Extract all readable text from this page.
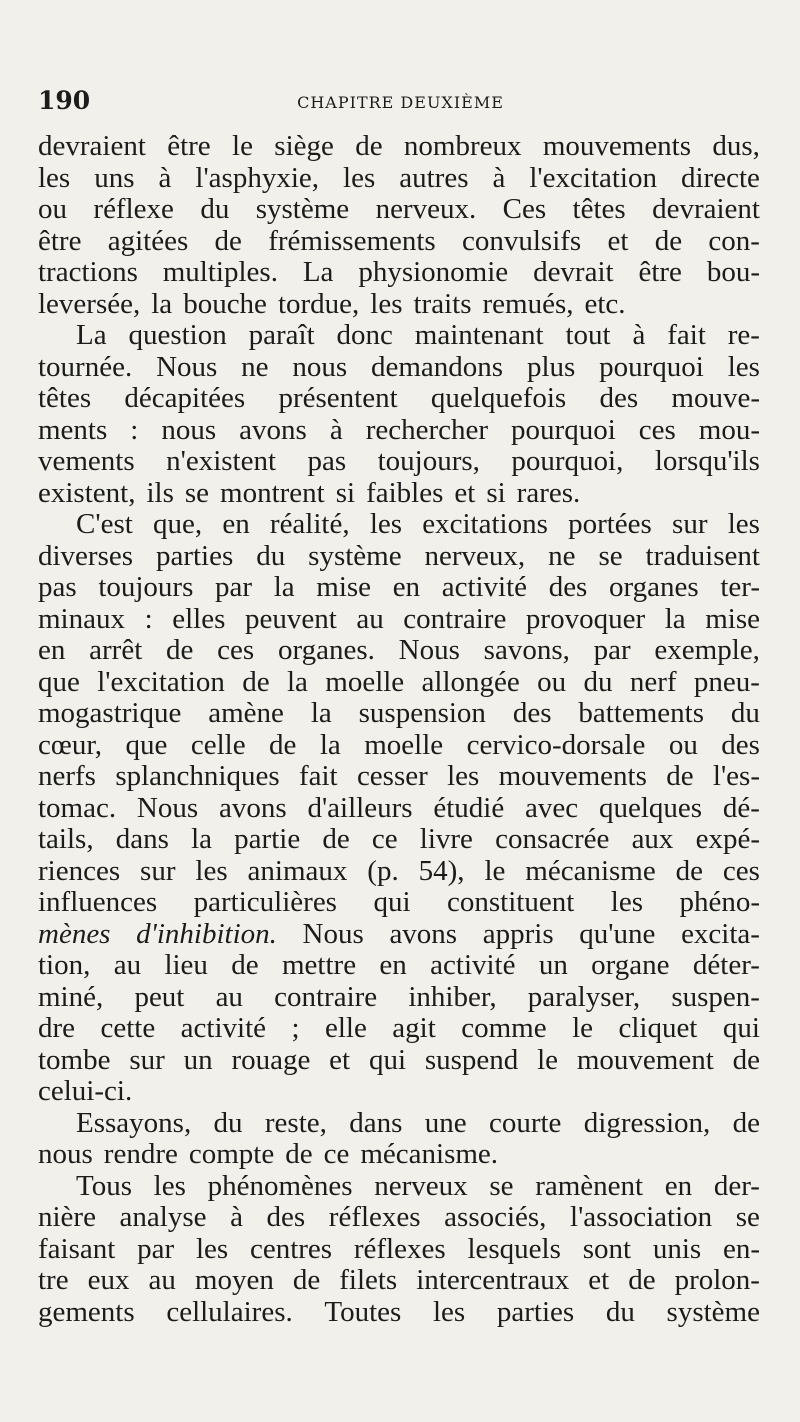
190	CHAPITRE DEUXIÈME
devraient être le siège de nombreux mouvements dus,
les uns à l'asphyxie, les autres à l'excitation directe
ou réflexe du système nerveux. Ces têtes devraient
être agitées de frémissements convulsifs et de con-
tractions multiples. La physionomie devrait être bou-
leversée, la bouche tordue, les traits remués, etc.
La question paraît donc maintenant tout à fait re-
tournée. Nous ne nous demandons plus pourquoi les
têtes décapitées présentent quelquefois des mouve-
ments : nous avons à rechercher pourquoi ces mou-
vements n'existent pas toujours, pourquoi, lorsqu'ils
existent, ils se montrent si faibles et si rares.
C'est que, en réalité, les excitations portées sur les
diverses parties du système nerveux, ne se traduisent
pas toujours par la mise en activité des organes ter-
minaux : elles peuvent au contraire provoquer la mise
en arrêt de ces organes. Nous savons, par exemple,
que l'excitation de la moelle allongée ou du nerf pneu-
mogastrique amène la suspension des battements du
cœur, que celle de la moelle cervico-dorsale ou des
nerfs splanchniques fait cesser les mouvements de l'es-
tomac. Nous avons d'ailleurs étudié avec quelques dé-
tails, dans la partie de ce livre consacrée aux expé-
riences sur les animaux (p. 54), le mécanisme de ces
influences particulières qui constituent les phéno-
mènes d'inhibition. Nous avons appris qu'une excita-
tion, au lieu de mettre en activité un organe déter-
miné, peut au contraire inhiber, paralyser, suspen-
dre cette activité ; elle agit comme le cliquet qui
tombe sur un rouage et qui suspend le mouvement de
celui-ci.
Essayons, du reste, dans une courte digression, de
nous rendre compte de ce mécanisme.
Tous les phénomènes nerveux se ramènent en der-
nière analyse à des réflexes associés, l'association se
faisant par les centres réflexes lesquels sont unis en-
tre eux au moyen de filets intercentraux et de prolon-
gements cellulaires. Toutes les parties du système
